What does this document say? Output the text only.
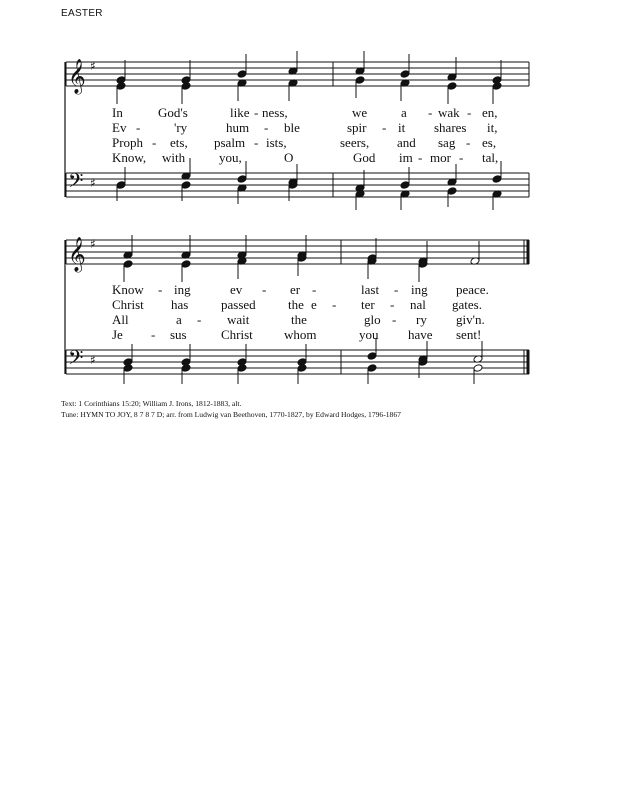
EASTER
𝄞
𝄞
𝄢
𝄢
♯
♯
♯
♯
In	God's	like - ness,	we	a - wak - en,
Ev -	'ry	hum - ble	spir - it shares it,
Proph - ets, psalm - ists,	seers, and sag - es,
Know, with	you,	O	God im - mor - tal,
Know - ing	ev - er -	last - ing peace.
Christ has	passed the e - ter - nal gates.
All	a - wait	the	glo - ry giv'n.
Je - sus	Christ whom	you have sent!
Text: 1 Corinthians 15:20; William J. Irons, 1812-1883, alt.
Tune: HYMN TO JOY, 8 7 8 7 D; arr. from Ludwig van Beethoven, 1770-1827, by Edward Hodges, 1796-1867
